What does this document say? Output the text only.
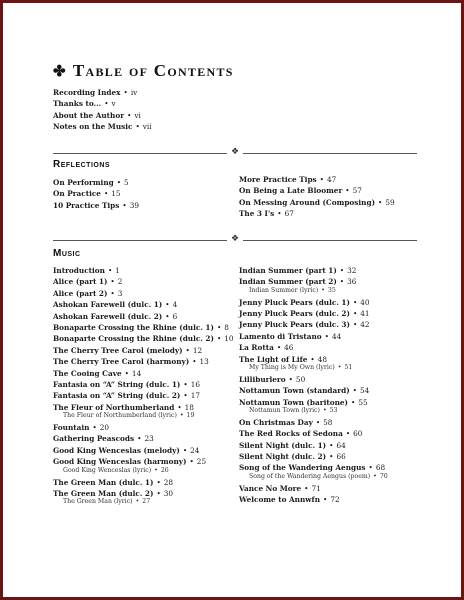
✤ Table of Contents
Recording Index • iv
Thanks to... • v
About the Author • vi
Notes on the Music • vii
❖
Reflections
On Performing • 5
On Practice • 15
10 Practice Tips • 39
More Practice Tips • 47
On Being a Late Bloomer • 57
On Messing Around (Composing) • 59
The 3 I's • 67
❖
Music
Introduction • 1
Alice (part 1) • 2
Alice (part 2) • 3
Ashokan Farewell (dulc. 1) • 4
Ashokan Farewell (dulc. 2) • 6
Bonaparte Crossing the Rhine (dulc. 1) • 8
Bonaparte Crossing the Rhine (dulc. 2) • 10
The Cherry Tree Carol (melody) • 12
The Cherry Tree Carol (harmony) • 13
The Cooing Cave • 14
Fantasia on “A” String (dulc. 1) • 16
Fantasia on “A” String (dulc. 2) • 17
The Fleur of Northumberland • 18
The Fleur of Northumberland (lyric) • 19
Fountain • 20
Gathering Peascods • 23
Good King Wenceslas (melody) • 24
Good King Wenceslas (harmony) • 25
Good King Wenceslas (lyric) • 26
The Green Man (dulc. 1) • 28
The Green Man (dulc. 2) • 30
The Green Man (lyric) • 27
Indian Summer (part 1) • 32
Indian Summer (part 2) • 36
Indian Summer (lyric) • 35
Jenny Pluck Pears (dulc. 1) • 40
Jenny Pluck Pears (dulc. 2) • 41
Jenny Pluck Pears (dulc. 3) • 42
Lamento di Tristano • 44
La Rotta • 46
The Light of Life • 48
My Thing is My Own (lyric) • 51
Lilliburlero • 50
Nottamun Town (standard) • 54
Nottamun Town (baritone) • 55
Nottamun Town (lyric) • 53
On Christmas Day • 58
The Red Rocks of Sedona • 60
Silent Night (dulc. 1) • 64
Silent Night (dulc. 2) • 66
Song of the Wandering Aengus • 68
Song of the Wandering Aengus (poem) • 70
Vance No More • 71
Welcome to Annwfn • 72
